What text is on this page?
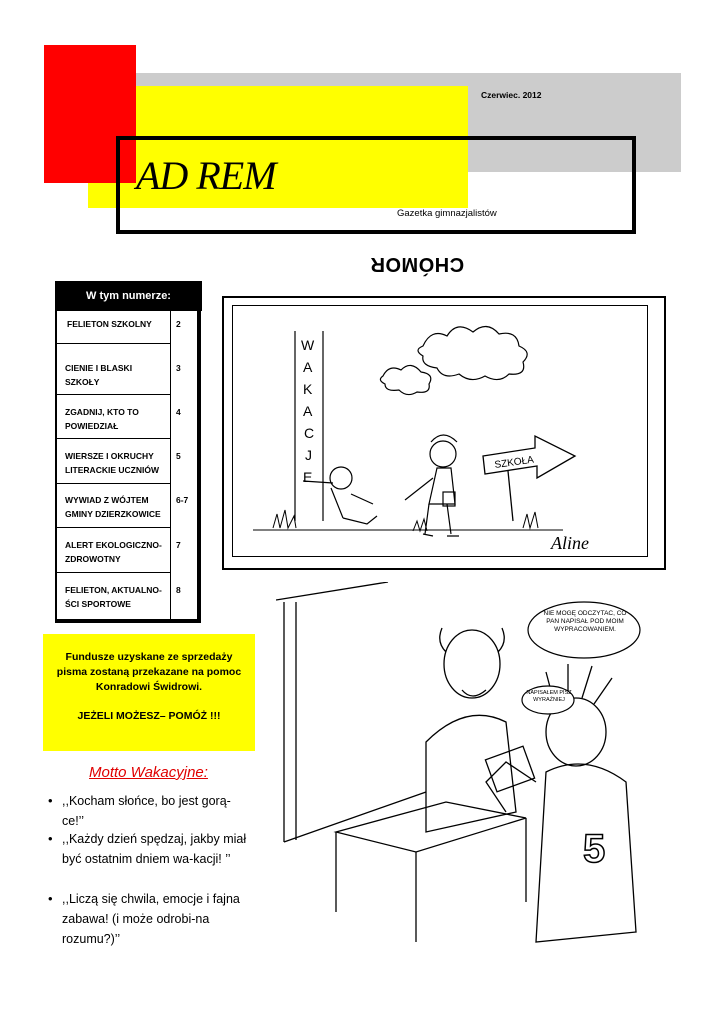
AD REM
Czerwiec. 2012
Gazetka gimnazjalistów
CHÓMOR
W tym numerze:
FELIETON SZKOLNY	2
CIENIE I BLASKI SZKOŁY
3
ZGADNIJ, KTO TO POWIEDZIAŁ
4
WIERSZE I OKRUCHY LITERACKIE UCZNIÓW
5
WYWIAD Z WÓJTEM GMINY DZIERZKOWICE
6-7
ALERT EKOLOGICZNO-ZDROWOTNY
7
FELIETON, AKTUALNO-ŚCI SPORTOWE
8
W
A
K
A
C
J
E
SZKOŁA
Aline
Fundusze uzyskane ze sprzedaży pisma zostaną przekazane na pomoc Konradowi Świdrowi.
JEŻELI MOŻESZ– POMÓŻ !!!
Motto Wakacyjne:
• ,,Kocham słońce, bo jest gorą-ce!’’
• ,,Każdy dzień spędzaj, jakby miał być ostatnim dniem wa-kacji! ’’
• ,,Liczą się chwila, emocje i fajna zabawa! (i może odrobi-na rozumu?)’’
5
NIE MOGĘ ODCZYTAĆ, CO PAN NAPISAŁ POD MOIM WYPRACOWANIEM.
NAPISAŁEM PISZ WYRAŹNIEJ
